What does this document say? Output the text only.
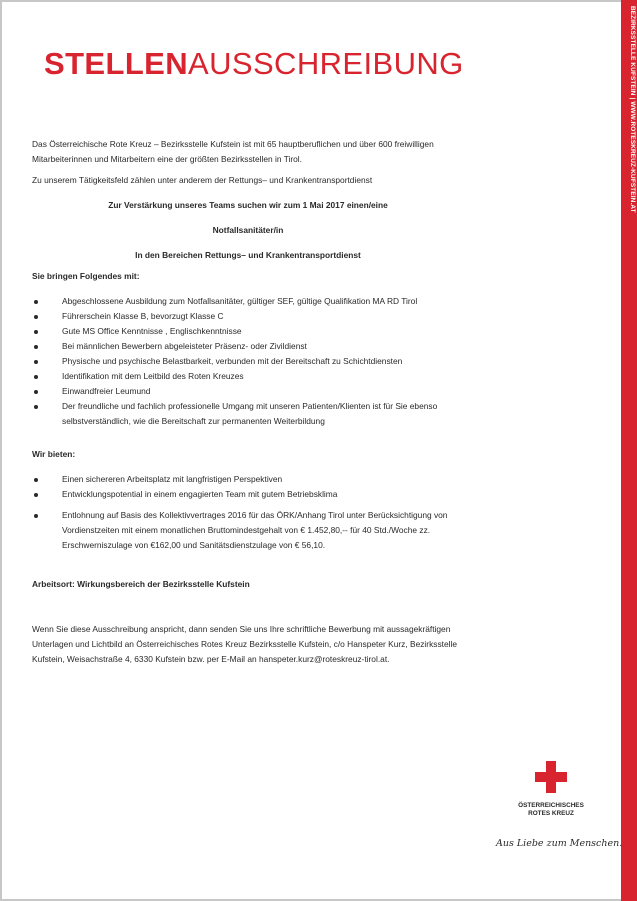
BEZIRKSSTELLE KUFSTEIN | WWW.ROTESKREUZ-KUFSTEIN.AT
STELLENAUSSCHREIBUNG

Das Österreichische Rote Kreuz – Bezirksstelle Kufstein ist mit 65 hauptberuflichen und über 600 freiwilligen Mitarbeiterinnen und Mitarbeitern eine der größten Bezirksstellen in Tirol.

Zu unserem Tätigkeitsfeld zählen unter anderem der Rettungs– und Krankentransportdienst

Zur Verstärkung unseres Teams suchen wir zum 1 Mai 2017 einen/eine

Notfallsanitäter/in

In den Bereichen Rettungs– und Krankentransportdienst

Sie bringen Folgendes mit:

Abgeschlossene Ausbildung zum Notfallsanitäter, gültiger SEF, gültige Qualifikation MA RD Tirol
Führerschein Klasse B, bevorzugt Klasse C
Gute MS Office Kenntnisse , Englischkenntnisse
Bei männlichen Bewerbern abgeleisteter Präsenz- oder Zivildienst
Physische und psychische Belastbarkeit, verbunden mit der Bereitschaft zu Schichtdiensten
Identifikation mit dem Leitbild des Roten Kreuzes
Einwandfreier Leumund
Der freundliche und fachlich professionelle Umgang mit unseren Patienten/Klienten ist für Sie ebenso selbstverständlich, wie die Bereitschaft zur permanenten Weiterbildung

Wir bieten:

Einen sichereren Arbeitsplatz mit langfristigen Perspektiven
Entwicklungspotential in einem engagierten Team mit gutem Betriebsklima
Entlohnung auf Basis des Kollektivvertrages 2016 für das ÖRK/Anhang Tirol unter Berücksichtigung von Vordienstzeiten mit einem monatlichen Bruttomindestgehalt von € 1.452,80,-- für 40 Std./Woche zz. Erschwerniszulage von €162,00 und Sanitätsdienstzulage von € 56,10.

Arbeitsort: Wirkungsbereich der Bezirksstelle Kufstein

Wenn Sie diese Ausschreibung anspricht, dann senden Sie uns Ihre schriftliche Bewerbung mit aussagekräftigen Unterlagen und Lichtbild an Österreichisches Rotes Kreuz Bezirksstelle Kufstein, c/o Hanspeter Kurz, Bezirksstelle Kufstein, Weisachstraße 4, 6330 Kufstein bzw. per E-Mail an hanspeter.kurz@roteskreuz-tirol.at.

ÖSTERREICHISCHES
ROTES KREUZ
Aus Liebe zum Menschen.
